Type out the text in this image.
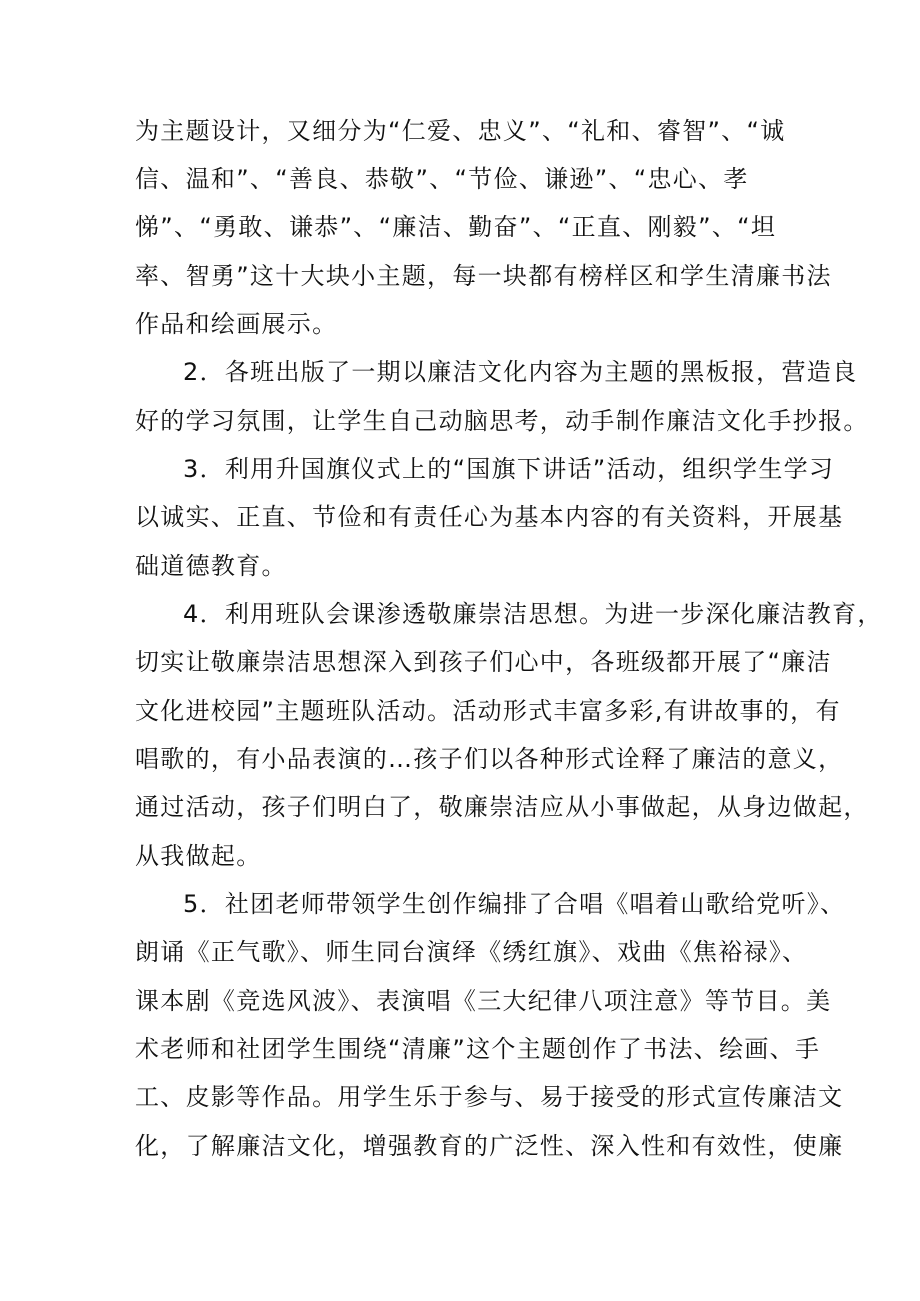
为主题设计，又细分为“仁爱、忠义”、“礼和、睿智”、“诚
信、温和”、“善良、恭敬”、“节俭、谦逊”、“忠心、孝
悌”、“勇敢、谦恭”、“廉洁、勤奋”、“正直、刚毅”、“坦
率、智勇”这十大块小主题，每一块都有榜样区和学生清廉书法
作品和绘画展示。
2．各班出版了一期以廉洁文化内容为主题的黑板报，营造良
好的学习氛围，让学生自己动脑思考，动手制作廉洁文化手抄报。
3．利用升国旗仪式上的“国旗下讲话”活动，组织学生学习
以诚实、正直、节俭和有责任心为基本内容的有关资料，开展基
础道德教育。
4．利用班队会课渗透敬廉崇洁思想。为进一步深化廉洁教育，
切实让敬廉崇洁思想深入到孩子们心中，各班级都开展了“廉洁
文化进校园”主题班队活动。活动形式丰富多彩,有讲故事的，有
唱歌的，有小品表演的…孩子们以各种形式诠释了廉洁的意义，
通过活动，孩子们明白了，敬廉崇洁应从小事做起，从身边做起，
从我做起。
5．社团老师带领学生创作编排了合唱《唱着山歌给党听》、
朗诵《正气歌》、师生同台演绎《绣红旗》、戏曲《焦裕禄》、
课本剧《竞选风波》、表演唱《三大纪律八项注意》等节目。美
术老师和社团学生围绕“清廉”这个主题创作了书法、绘画、手
工、皮影等作品。用学生乐于参与、易于接受的形式宣传廉洁文
化，了解廉洁文化，增强教育的广泛性、深入性和有效性，使廉
